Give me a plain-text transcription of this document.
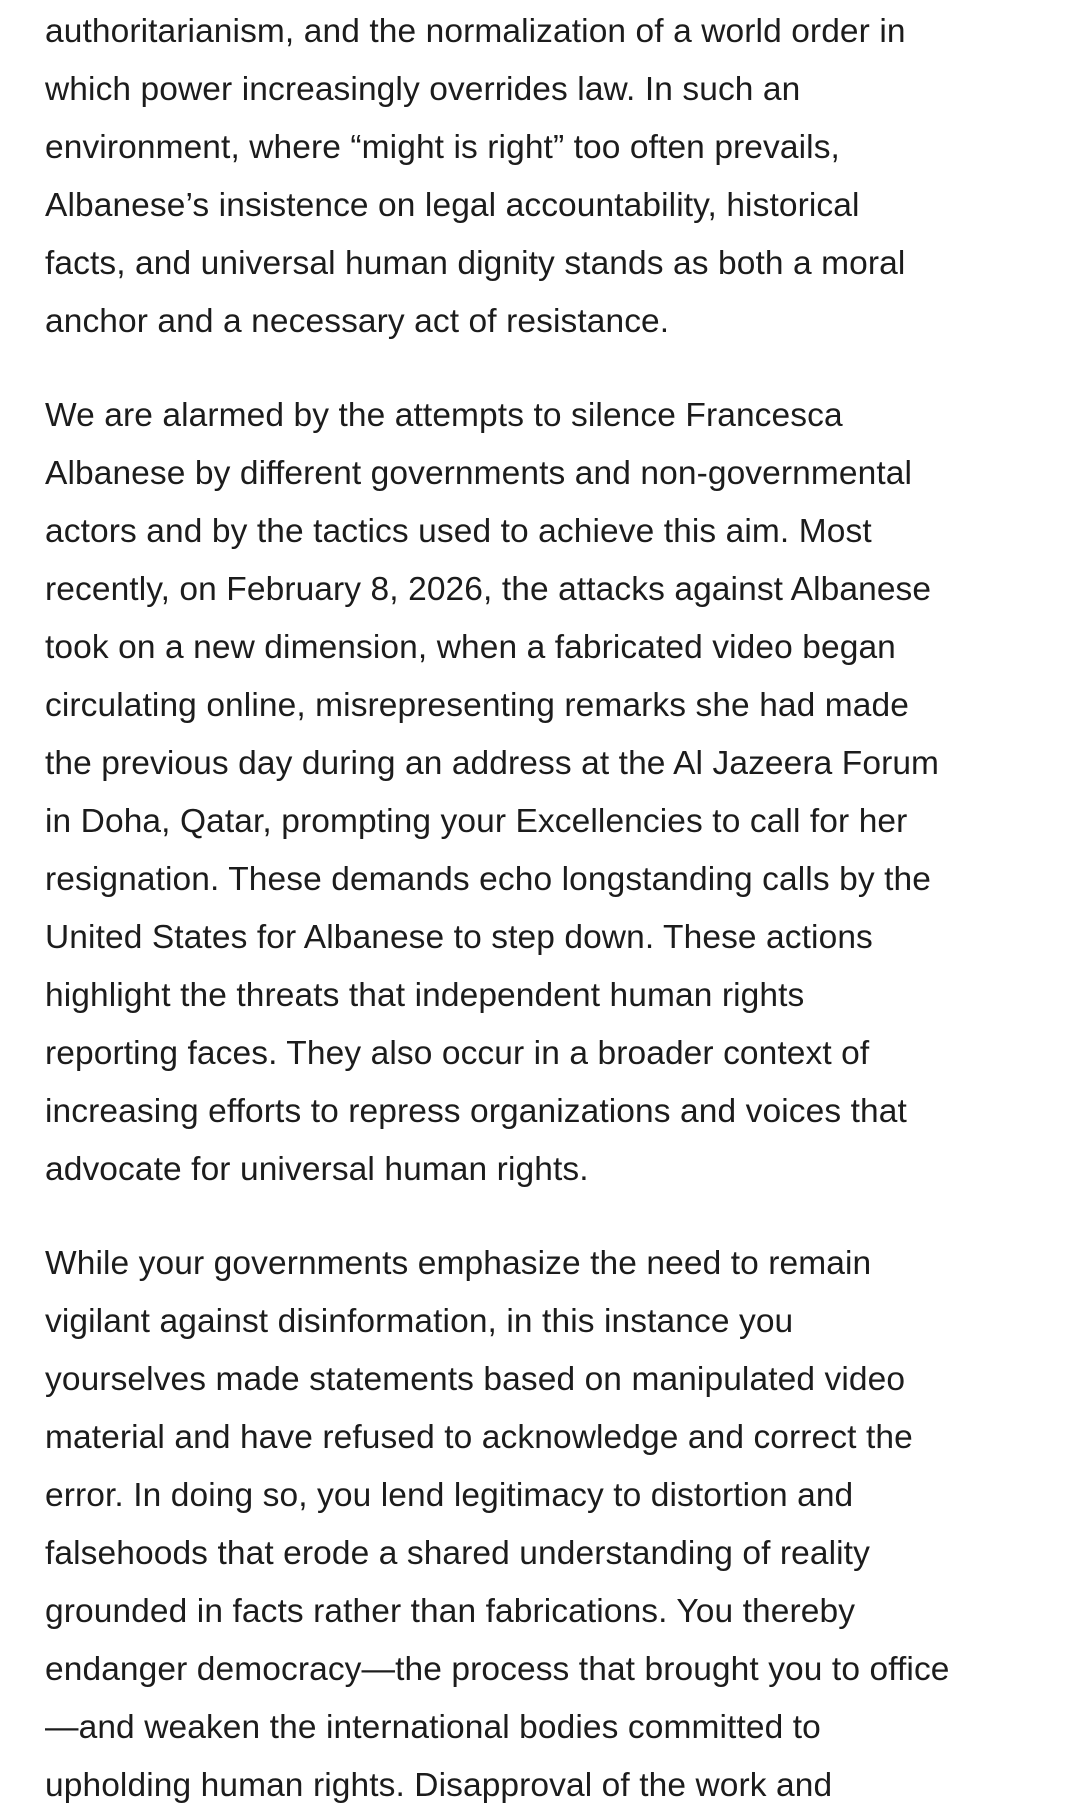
authoritarianism, and the normalization of a world order in
which power increasingly overrides law. In such an
environment, where “might is right” too often prevails,
Albanese’s insistence on legal accountability, historical
facts, and universal human dignity stands as both a moral
anchor and a necessary act of resistance.
We are alarmed by the attempts to silence Francesca
Albanese by different governments and non-governmental
actors and by the tactics used to achieve this aim. Most
recently, on February 8, 2026, the attacks against Albanese
took on a new dimension, when a fabricated video began
circulating online, misrepresenting remarks she had made
the previous day during an address at the Al Jazeera Forum
in Doha, Qatar, prompting your Excellencies to call for her
resignation. These demands echo longstanding calls by the
United States for Albanese to step down. These actions
highlight the threats that independent human rights
reporting faces. They also occur in a broader context of
increasing efforts to repress organizations and voices that
advocate for universal human rights.
While your governments emphasize the need to remain
vigilant against disinformation, in this instance you
yourselves made statements based on manipulated video
material and have refused to acknowledge and correct the
error. In doing so, you lend legitimacy to distortion and
falsehoods that erode a shared understanding of reality
grounded in facts rather than fabrications. You thereby
endanger democracy—the process that brought you to office
—and weaken the international bodies committed to
upholding human rights. Disapproval of the work and
